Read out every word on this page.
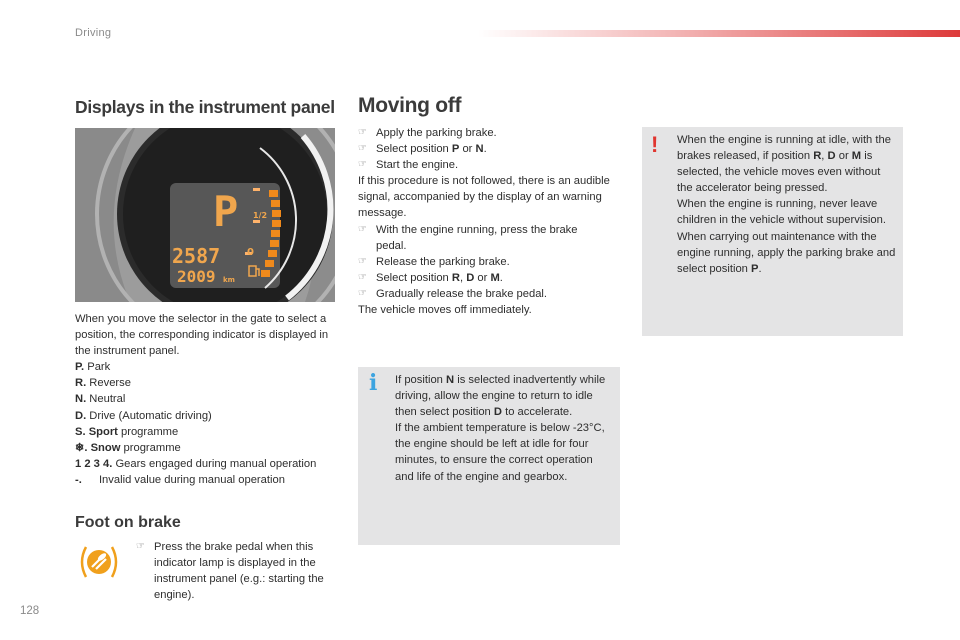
Driving
Displays in the instrument panel
P 1/2
0
2587
2009 km

When you move the selector in the gate to select a position, the corresponding indicator is displayed in the instrument panel.

P. Park

R. Reverse

N. Neutral

D. Drive (Automatic driving)

S. Sport programme

❄. Snow programme

1 2 3 4. Gears engaged during manual operation

-. Invalid value during manual operation

Foot on brake
☞ Press the brake pedal when this indicator lamp is displayed in the instrument panel (e.g.: starting the engine).
Moving off

☞ Apply the parking brake.

☞ Select position P or N.

☞ Start the engine.

If this procedure is not followed, there is an audible signal, accompanied by the display of an warning message.

☞ With the engine running, press the brake pedal.

☞ Release the parking brake.

☞ Select position R, D or M.

☞ Gradually release the brake pedal.

The vehicle moves off immediately.

i If position N is selected inadvertently while driving, allow the engine to return to idle then select position D to accelerate.

If the ambient temperature is below -23°C, the engine should be left at idle for four minutes, to ensure the correct operation and life of the engine and gearbox.

! When the engine is running at idle, with the brakes released, if position R, D or M is selected, the vehicle moves even without the accelerator being pressed.

When the engine is running, never leave children in the vehicle without supervision.

When carrying out maintenance with the engine running, apply the parking brake and select position P.

128
